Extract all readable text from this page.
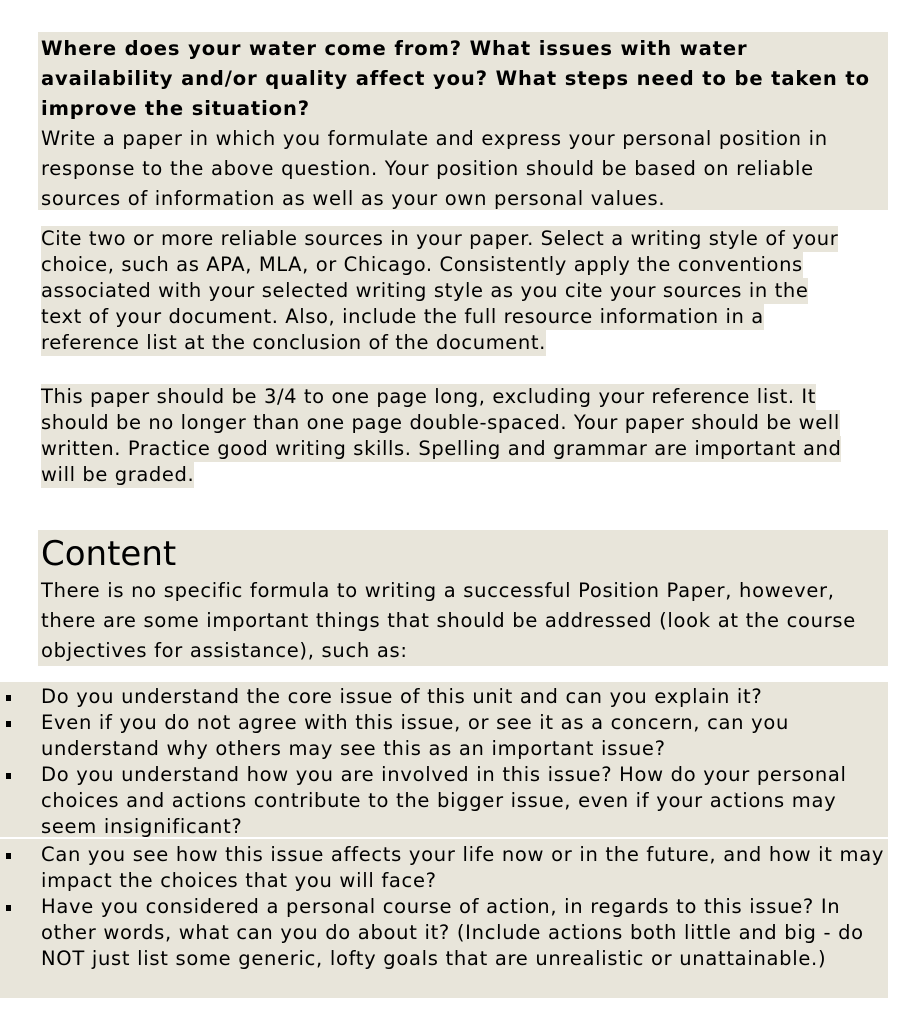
Where does your water come from? What issues with water availability and/or quality affect you? What steps need to be taken to improve the situation?

Write a paper in which you formulate and express your personal position in response to the above question. Your position should be based on reliable sources of information as well as your own personal values.

Cite two or more reliable sources in your paper. Select a writing style of your
choice, such as APA, MLA, or Chicago. Consistently apply the conventions
associated with your selected writing style as you cite your sources in the
text of your document. Also, include the full resource information in a
reference list at the conclusion of the document.

This paper should be 3/4 to one page long, excluding your reference list. It
should be no longer than one page double-spaced. Your paper should be well
written. Practice good writing skills. Spelling and grammar are important and
will be graded.

Content

There is no specific formula to writing a successful Position Paper, however, there are some important things that should be addressed (look at the course objectives for assistance), such as:

Do you understand the core issue of this unit and can you explain it?
Even if you do not agree with this issue, or see it as a concern, can you understand why others may see this as an important issue?
Do you understand how you are involved in this issue? How do your personal choices and actions contribute to the bigger issue, even if your actions may seem insignificant?
Can you see how this issue affects your life now or in the future, and how it may impact the choices that you will face?
Have you considered a personal course of action, in regards to this issue? In other words, what can you do about it? (Include actions both little and big - do NOT just list some generic, lofty goals that are unrealistic or unattainable.)
